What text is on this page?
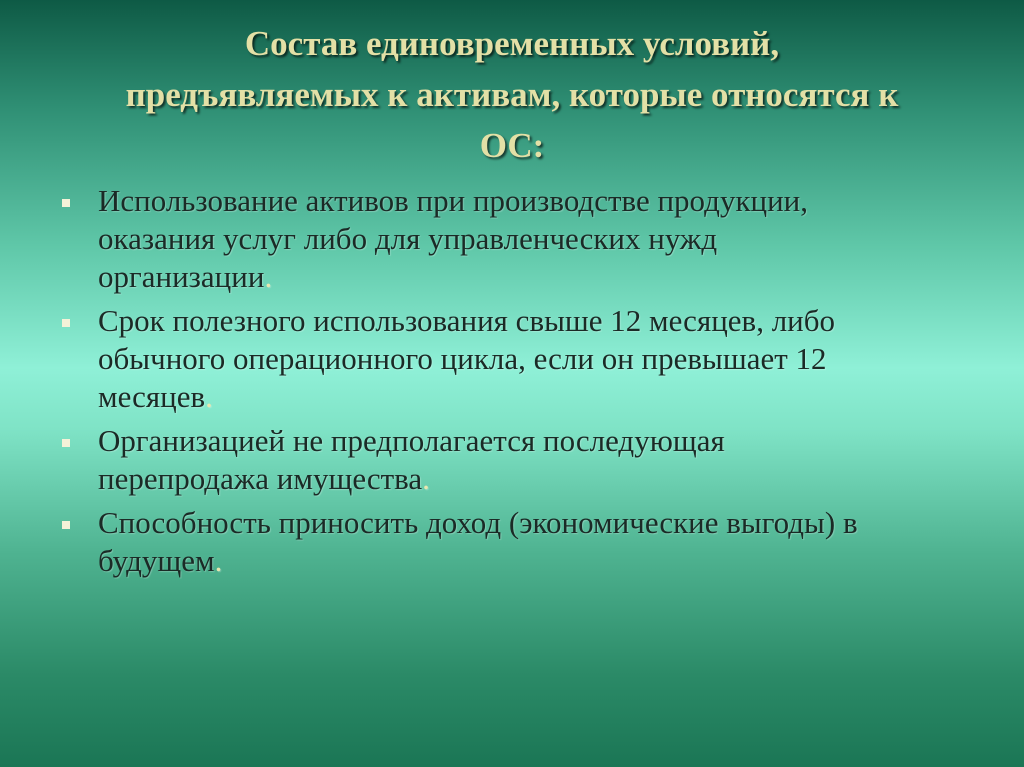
Состав единовременных условий,
предъявляемых к активам, которые относятся к
ОС:
Использование активов при производстве продукции,
оказания услуг либо для управленческих нужд
организации.
Срок полезного использования свыше 12 месяцев, либо
обычного операционного цикла, если он превышает 12
месяцев.
Организацией не предполагается последующая
перепродажа имущества.
Способность приносить доход (экономические выгоды) в
будущем.
